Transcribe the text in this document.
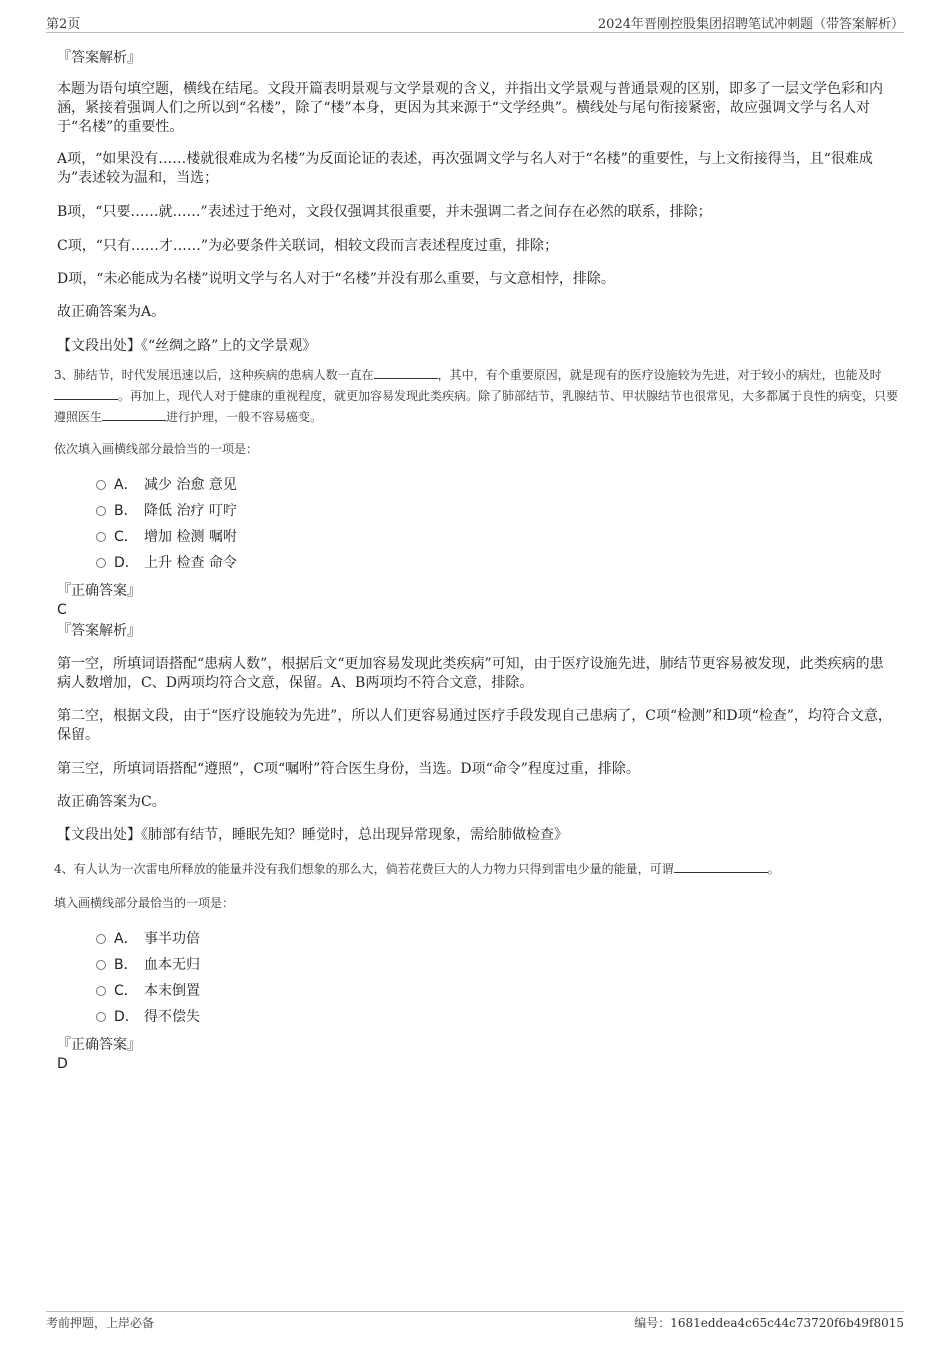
第2页	2024年晋刚控股集团招聘笔试冲刺题（带答案解析）
『答案解析』
本题为语句填空题，横线在结尾。文段开篇表明景观与文学景观的含义，并指出文学景观与普通景观的区别，即多了一层文学色彩和内涵，紧接着强调人们之所以到“名楼”，除了“楼”本身，更因为其来源于“文学经典”。横线处与尾句衔接紧密，故应强调文学与名人对于“名楼”的重要性。
A项，“如果没有……楼就很难成为名楼”为反面论证的表述，再次强调文学与名人对于“名楼”的重要性，与上文衔接得当，且“很难成为”表述较为温和，当选；
B项，“只要……就……”表述过于绝对，文段仅强调其很重要，并未强调二者之间存在必然的联系，排除；
C项，“只有……才……”为必要条件关联词，相较文段而言表述程度过重，排除；
D项，“未必能成为名楼”说明文学与名人对于“名楼”并没有那么重要，与文意相悖，排除。
故正确答案为A。
【文段出处】《“丝绸之路”上的文学景观》
3、肺结节，时代发展迅速以后，这种疾病的患病人数一直在	，其中，有个重要原因，就是现有的医疗设施较为先进，对于较小的病灶，也能及时。再加上，现代人对于健康的重视程度，就更加容易发现此类疾病。除了肺部结节，乳腺结节、甲状腺结节也很常见，大多都属于良性的病变，只要遵照医生	进行护理，一般不容易癌变。
依次填入画横线部分最恰当的一项是：
A． 减少 治愈 意见
B． 降低 治疗 叮咛
C． 增加 检测 嘱咐
D． 上升 检查 命令
『正确答案』
C
『答案解析』
第一空，所填词语搭配“患病人数”，根据后文“更加容易发现此类疾病”可知，由于医疗设施先进，肺结节更容易被发现，此类疾病的患病人数增加，C、D两项均符合文意，保留。A、B两项均不符合文意，排除。
第二空，根据文段，由于“医疗设施较为先进”，所以人们更容易通过医疗手段发现自己患病了，C项“检测”和D项“检查”，均符合文意，保留。
第三空，所填词语搭配“遵照”，C项“嘱咐”符合医生身份，当选。D项“命令”程度过重，排除。
故正确答案为C。
【文段出处】《肺部有结节，睡眠先知？睡觉时，总出现异常现象，需给肺做检查》
4、有人认为一次雷电所释放的能量并没有我们想象的那么大，倘若花费巨大的人力物力只得到雷电少量的能量，可谓	。
填入画横线部分最恰当的一项是：
A． 事半功倍
B． 血本无归
C． 本末倒置
D． 得不偿失
『正确答案』
D
考前押题，上岸必备	编号：1681eddea4c65c44c73720f6b49f8015
